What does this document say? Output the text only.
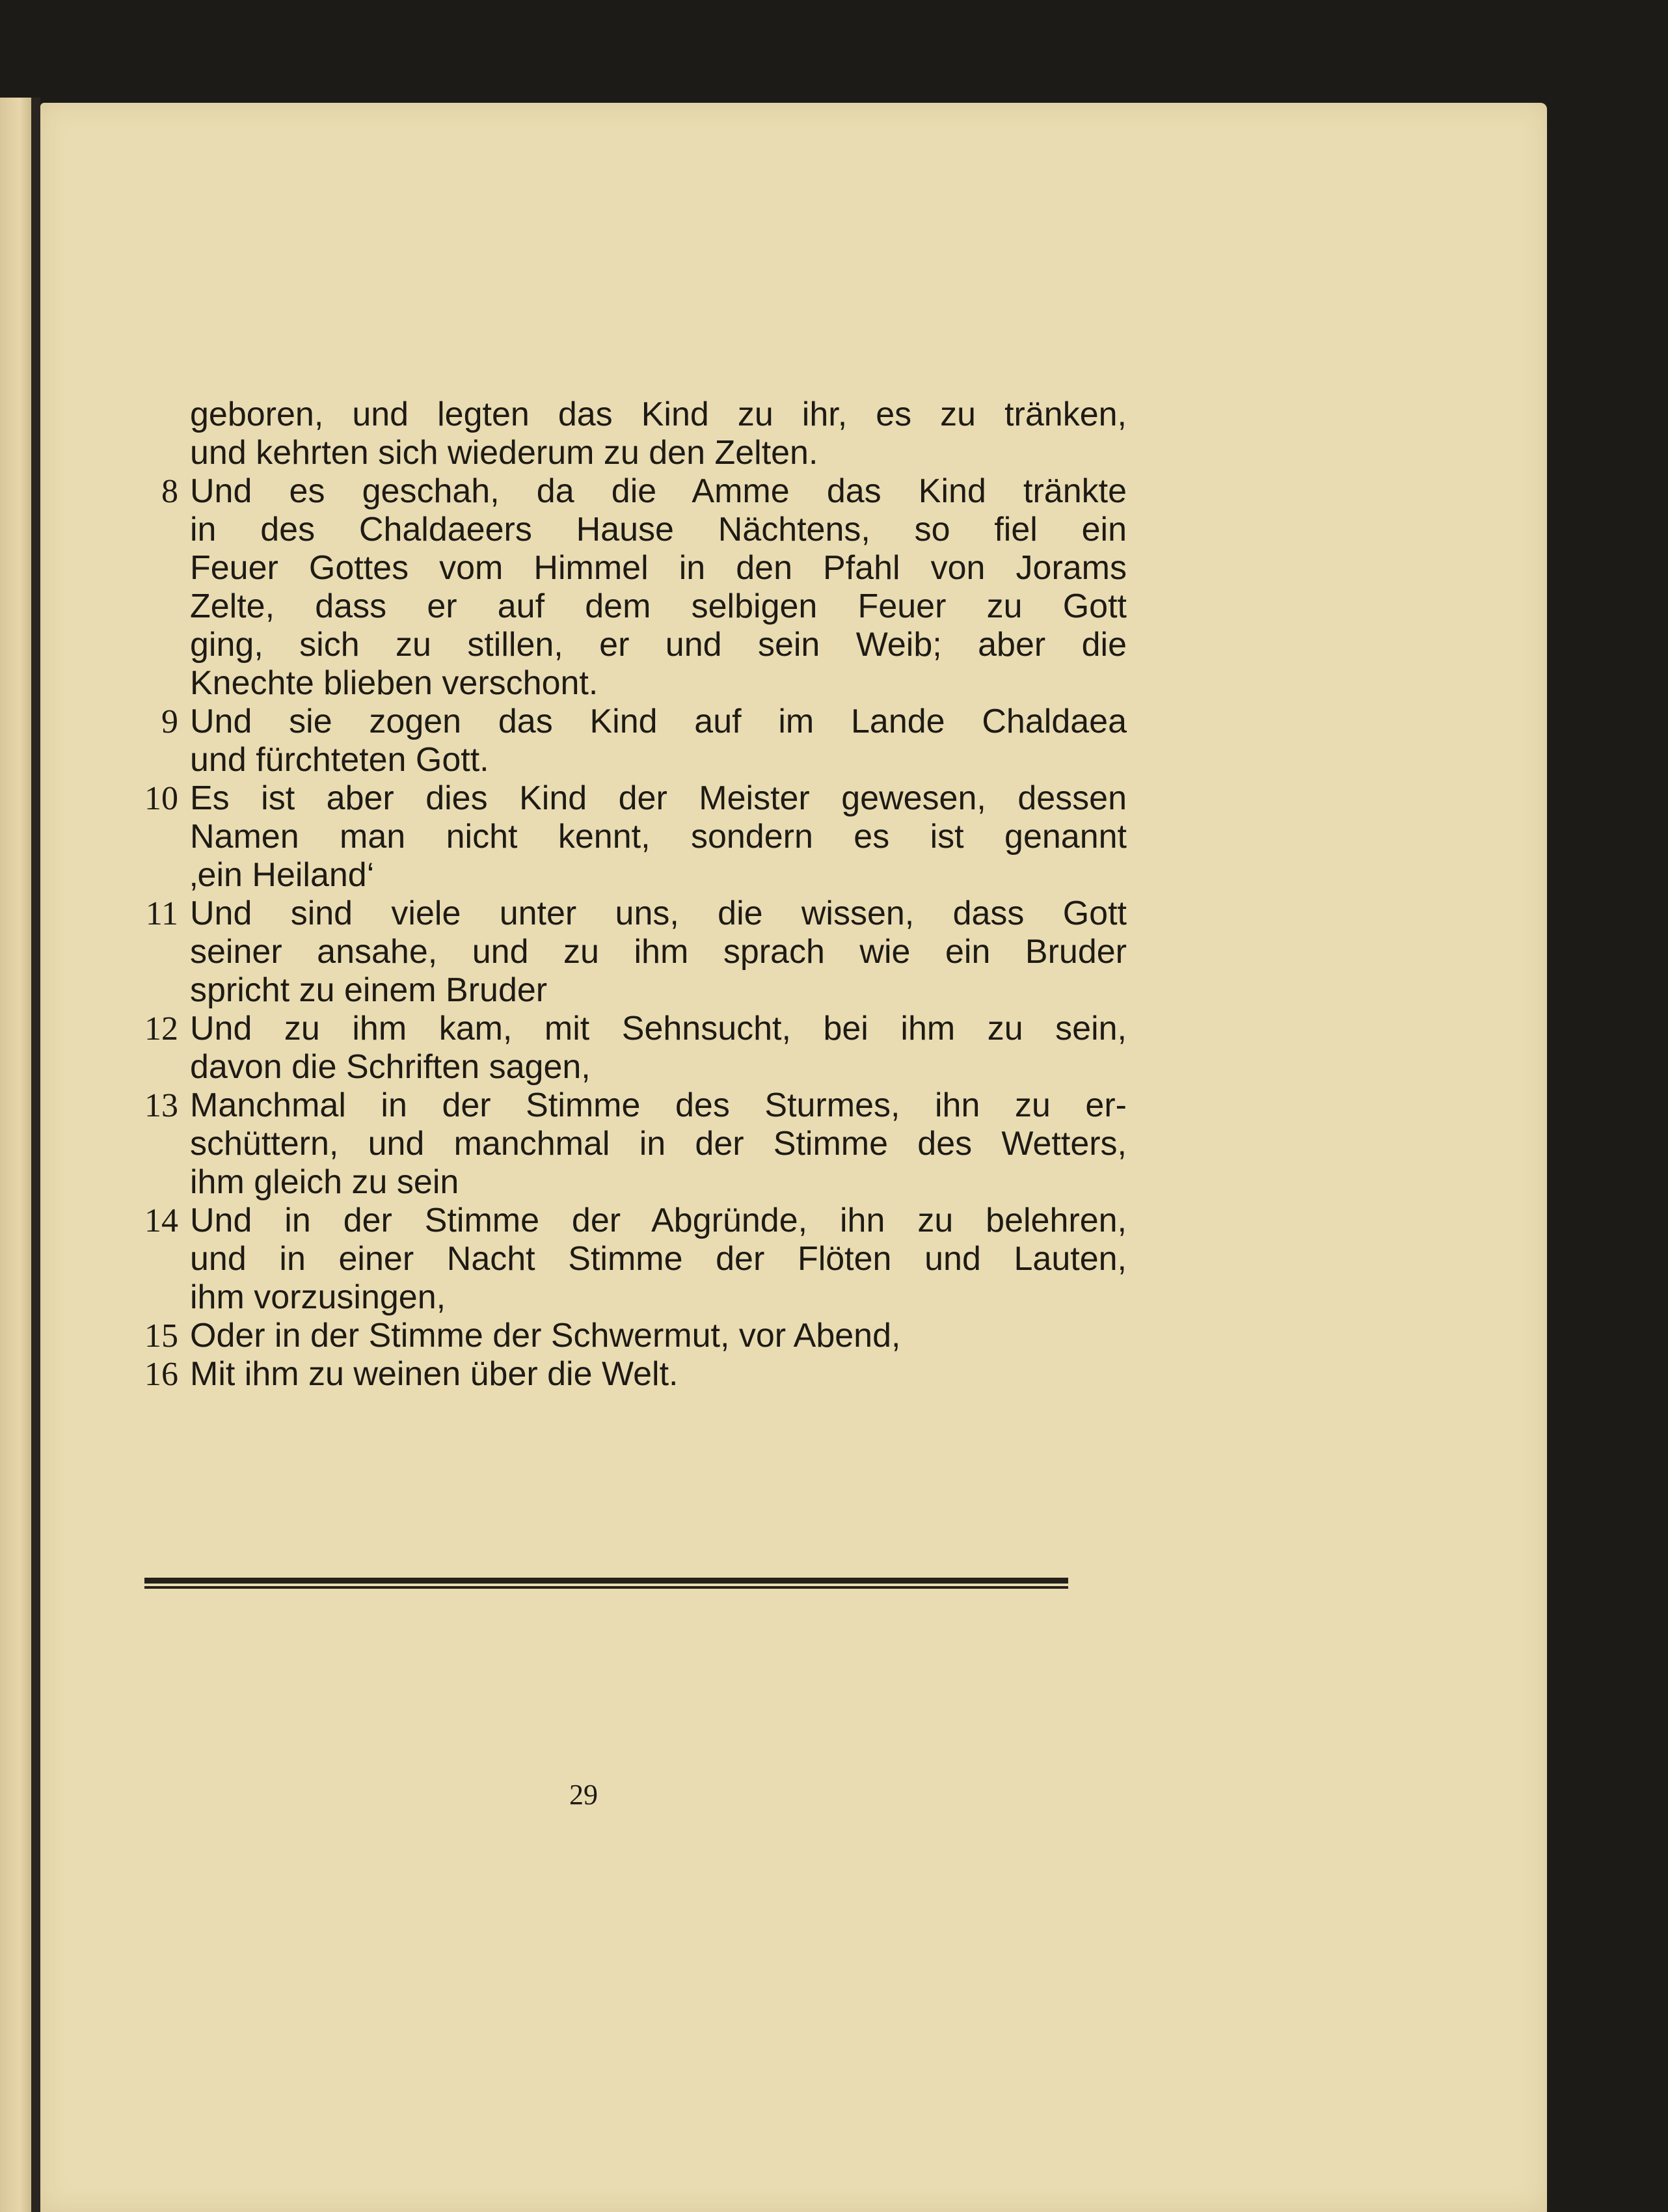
geboren, und legten das Kind zu ihr, es zu tränken,
und kehrten sich wiederum zu den Zelten.
8 Und es geschah, da die Amme das Kind tränkte
in des Chaldaeers Hause Nächtens, so fiel ein
Feuer Gottes vom Himmel in den Pfahl von Jorams
Zelte, dass er auf dem selbigen Feuer zu Gott
ging, sich zu stillen, er und sein Weib; aber die
Knechte blieben verschont.
9 Und sie zogen das Kind auf im Lande Chaldaea
und fürchteten Gott.
10 Es ist aber dies Kind der Meister gewesen, dessen
Namen man nicht kennt, sondern es ist genannt
‚ein Heiland‘
11 Und sind viele unter uns, die wissen, dass Gott
seiner ansahe, und zu ihm sprach wie ein Bruder
spricht zu einem Bruder
12 Und zu ihm kam, mit Sehnsucht, bei ihm zu sein,
davon die Schriften sagen,
13 Manchmal in der Stimme des Sturmes, ihn zu er-
schüttern, und manchmal in der Stimme des Wetters,
ihm gleich zu sein
14 Und in der Stimme der Abgründe, ihn zu belehren,
und in einer Nacht Stimme der Flöten und Lauten,
ihm vorzusingen,
15 Oder in der Stimme der Schwermut, vor Abend,
16 Mit ihm zu weinen über die Welt.
29
